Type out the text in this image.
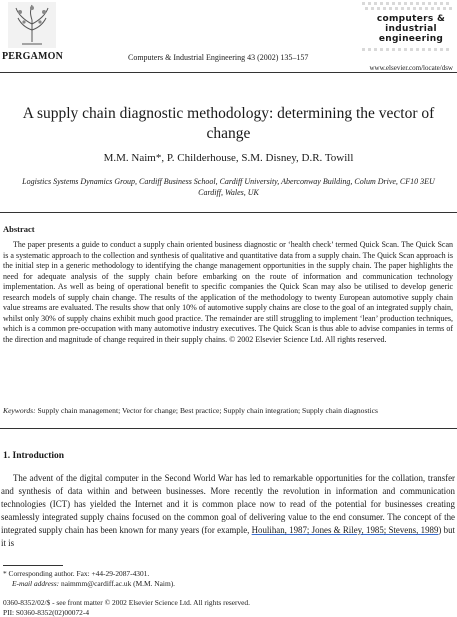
PERGAMON	Computers & Industrial Engineering 43 (2002) 135–157
computers &
industrial
engineering
www.elsevier.com/locate/dsw
A supply chain diagnostic methodology: determining the vector of
change
M.M. Naim*, P. Childerhouse, S.M. Disney, D.R. Towill
Logistics Systems Dynamics Group, Cardiff Business School, Cardiff University, Aberconway Building, Colum Drive, CF10 3EU Cardiff, Wales, UK
Abstract
The paper presents a guide to conduct a supply chain oriented business diagnostic or ‘health check’ termed Quick Scan. The Quick Scan is a systematic approach to the collection and synthesis of qualitative and quantitative data from a supply chain. The Quick Scan approach is the initial step in a generic methodology to identifying the change management opportunities in the supply chain. The paper highlights the need for adequate analysis of the supply chain before embarking on the route of information and communication technology implementation. As well as being of operational benefit to specific companies the Quick Scan may also be utilised to develop generic research models of supply chain change. The results of the application of the methodology to twenty European automotive supply chain value streams are evaluated. The results show that only 10% of automotive supply chains are close to the goal of an integrated supply chain, whilst only 30% of supply chains exhibit much good practice. The remainder are still struggling to implement ‘lean’ production techniques, which is a common pre-occupation with many automotive industry executives. The Quick Scan is thus able to advise companies in terms of the direction and magnitude of change required in their supply chains. © 2002 Elsevier Science Ltd. All rights reserved.
Keywords: Supply chain management; Vector for change; Best practice; Supply chain integration; Supply chain diagnostics
1. Introduction
The advent of the digital computer in the Second World War has led to remarkable opportunities for the collation, transfer and synthesis of data within and between businesses. More recently the revolution in information and communication technologies (ICT) has yielded the Internet and it is common place now to read of the potential for businesses creating seamlessly integrated supply chains focused on the common goal of delivering value to the end consumer. The concept of the integrated supply chain has been known for many years (for example, Houlihan, 1987; Jones & Riley, 1985; Stevens, 1989) but it is
* Corresponding author. Fax: +44-29-2087-4301.
E-mail address: naimmm@cardiff.ac.uk (M.M. Naim).
0360-8352/02/$ - see front matter © 2002 Elsevier Science Ltd. All rights reserved.
PII: S0360-8352(02)00072-4
